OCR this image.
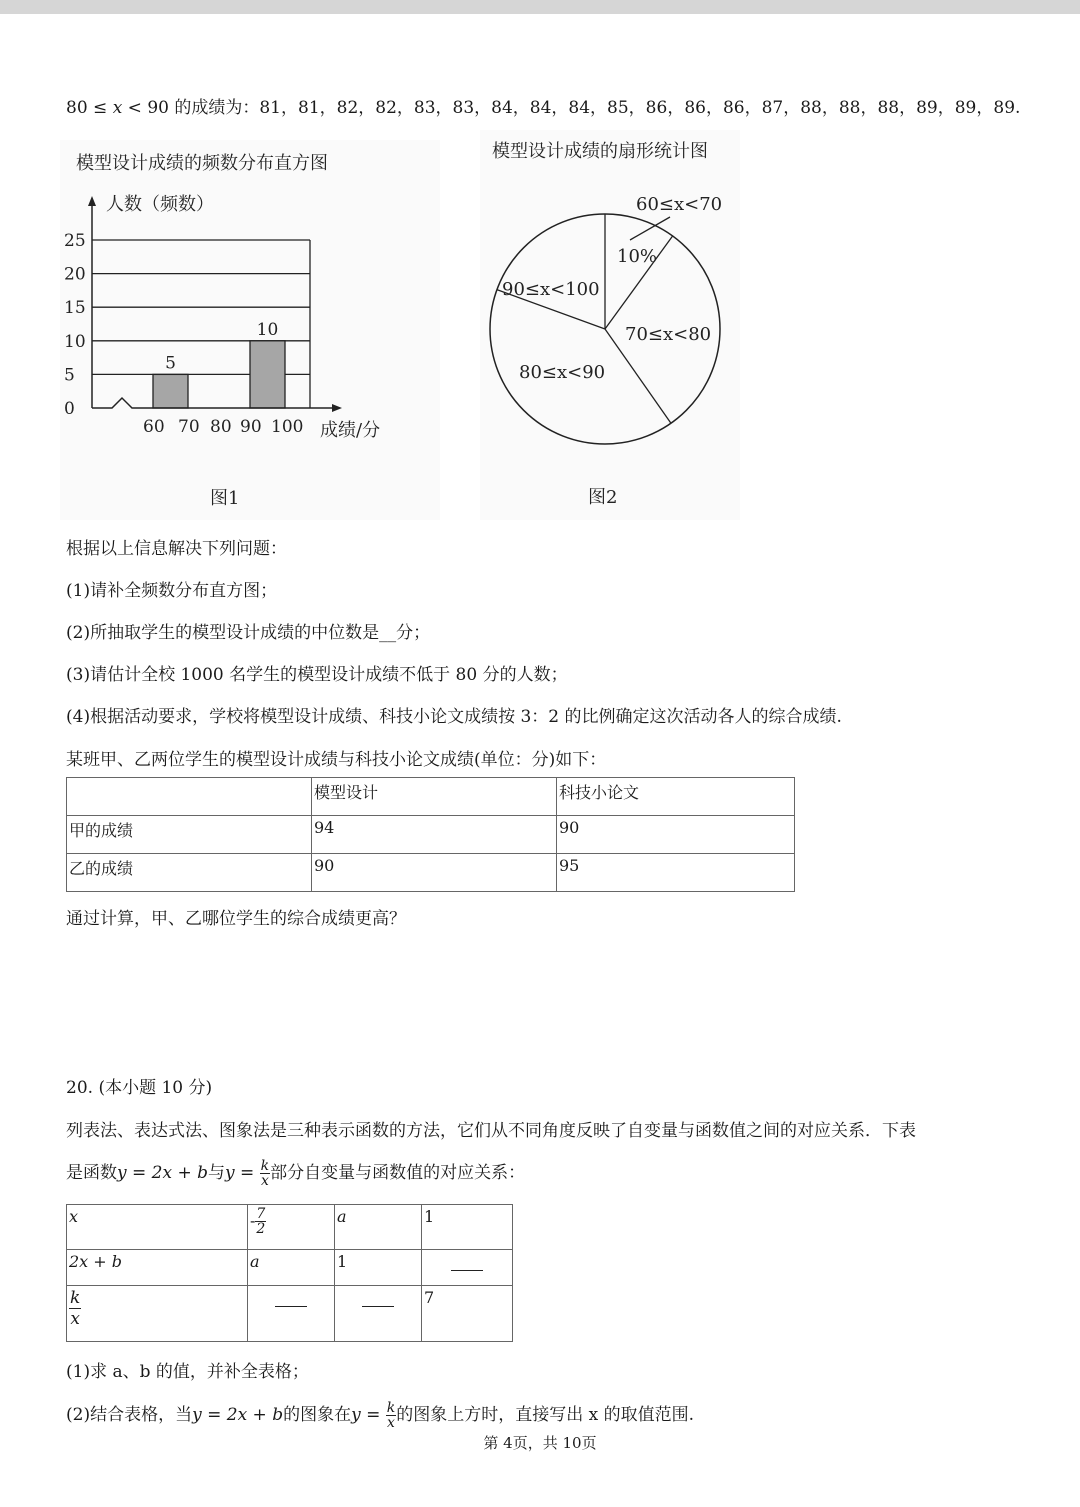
80 ≤ x < 90 的成绩为：81，81，82，82，83，83，84，84，84，85，86，86，86，87，88，88，88，89，89，89.
模型设计成绩的频数分布直方图
0
5
10
15
20
25
60 70 80 90 100
5
10
人数（频数）
成绩/分
图1
模型设计成绩的扇形统计图
60≤x<70
10%
70≤x<80
80≤x<90
90≤x<100
图2
根据以上信息解决下列问题：
(1)请补全频数分布直方图；
(2)所抽取学生的模型设计成绩的中位数是__分；
(3)请估计全校 1000 名学生的模型设计成绩不低于 80 分的人数；
(4)根据活动要求，学校将模型设计成绩、科技小论文成绩按 3：2 的比例确定这次活动各人的综合成绩.
某班甲、乙两位学生的模型设计成绩与科技小论文成绩(单位：分)如下：
	模型设计	科技小论文
甲的成绩	94	90
乙的成绩	90	95
通过计算，甲、乙哪位学生的综合成绩更高？
20. (本小题 10 分)
列表法、表达式法、图象法是三种表示函数的方法，它们从不同角度反映了自变量与函数值之间的对应关系．下表
是函数y = 2x + b与$y = \frac{k}{x}$ 部分自变量与函数值的对应关系：
x	- $\frac{7}{2}$	a	1
2x + b	a	1	

$\frac{k}{x}$			7
(1)求 a、b 的值，并补全表格；
(2)结合表格，当y = 2x + b的图象在$y = \frac{k}{x}$ 的图象上方时，直接写出 x 的取值范围.
第 4页，共 10页
